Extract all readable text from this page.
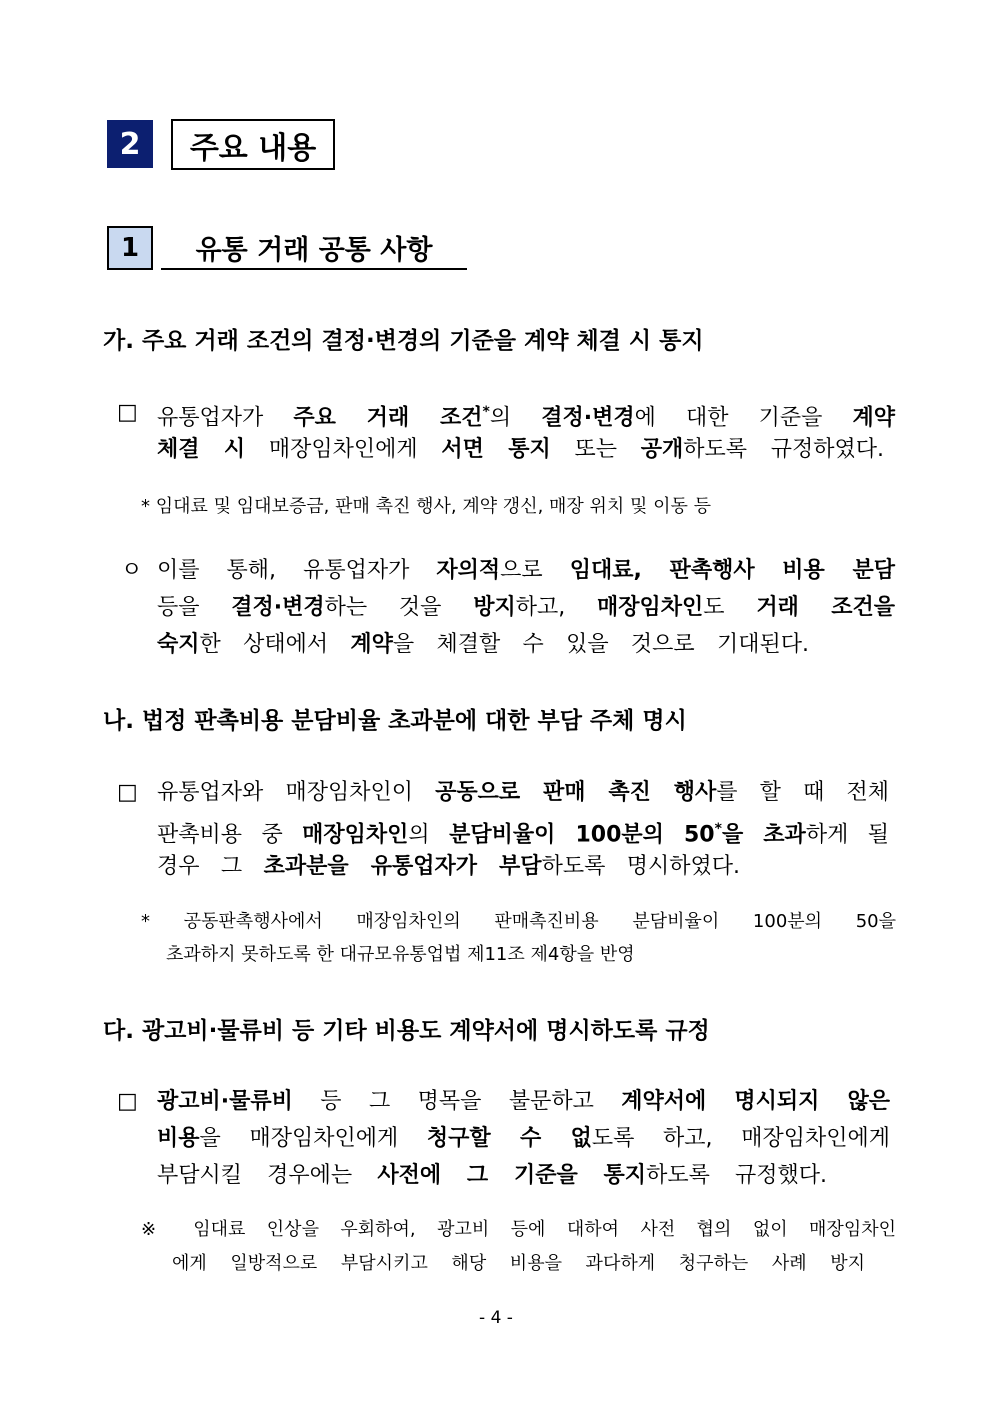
2 주요 내용
1 유통 거래 공통 사항
가. 주요 거래 조건의 결정·변경의 기준을 계약 체결 시 통지
□ 유통업자가 주요 거래 조건*의 결정·변경에 대한 기준을 계약
체결 시 매장임차인에게 서면 통지 또는 공개하도록 규정하였다.
* 임대료 및 임대보증금, 판매 촉진 행사, 계약 갱신, 매장 위치 및 이동 등
ㅇ 이를 통해, 유통업자가 자의적으로 임대료, 판촉행사 비용 분담
등을 결정·변경하는 것을 방지하고, 매장임차인도 거래 조건을
숙지한 상태에서 계약을 체결할 수 있을 것으로 기대된다.
나. 법정 판촉비용 분담비율 초과분에 대한 부담 주체 명시
□ 유통업자와 매장임차인이 공동으로 판매 촉진 행사를 할 때 전체
판촉비용 중 매장임차인의 분담비율이 100분의 50*을 초과하게 될
경우 그 초과분을 유통업자가 부담하도록 명시하였다.
* 공동판촉행사에서 매장임차인의 판매촉진비용 분담비율이 100분의 50을
초과하지 못하도록 한 대규모유통업법 제11조 제4항을 반영
다. 광고비·물류비 등 기타 비용도 계약서에 명시하도록 규정
□ 광고비·물류비 등 그 명목을 불문하고 계약서에 명시되지 않은
비용을 매장임차인에게 청구할 수 없도록 하고, 매장임차인에게
부담시킬 경우에는 사전에 그 기준을 통지하도록 규정했다.
※ 임대료 인상을 우회하여, 광고비 등에 대하여 사전 협의 없이 매장임차인
에게 일방적으로 부담시키고 해당 비용을 과다하게 청구하는 사례 방지
- 4 -
